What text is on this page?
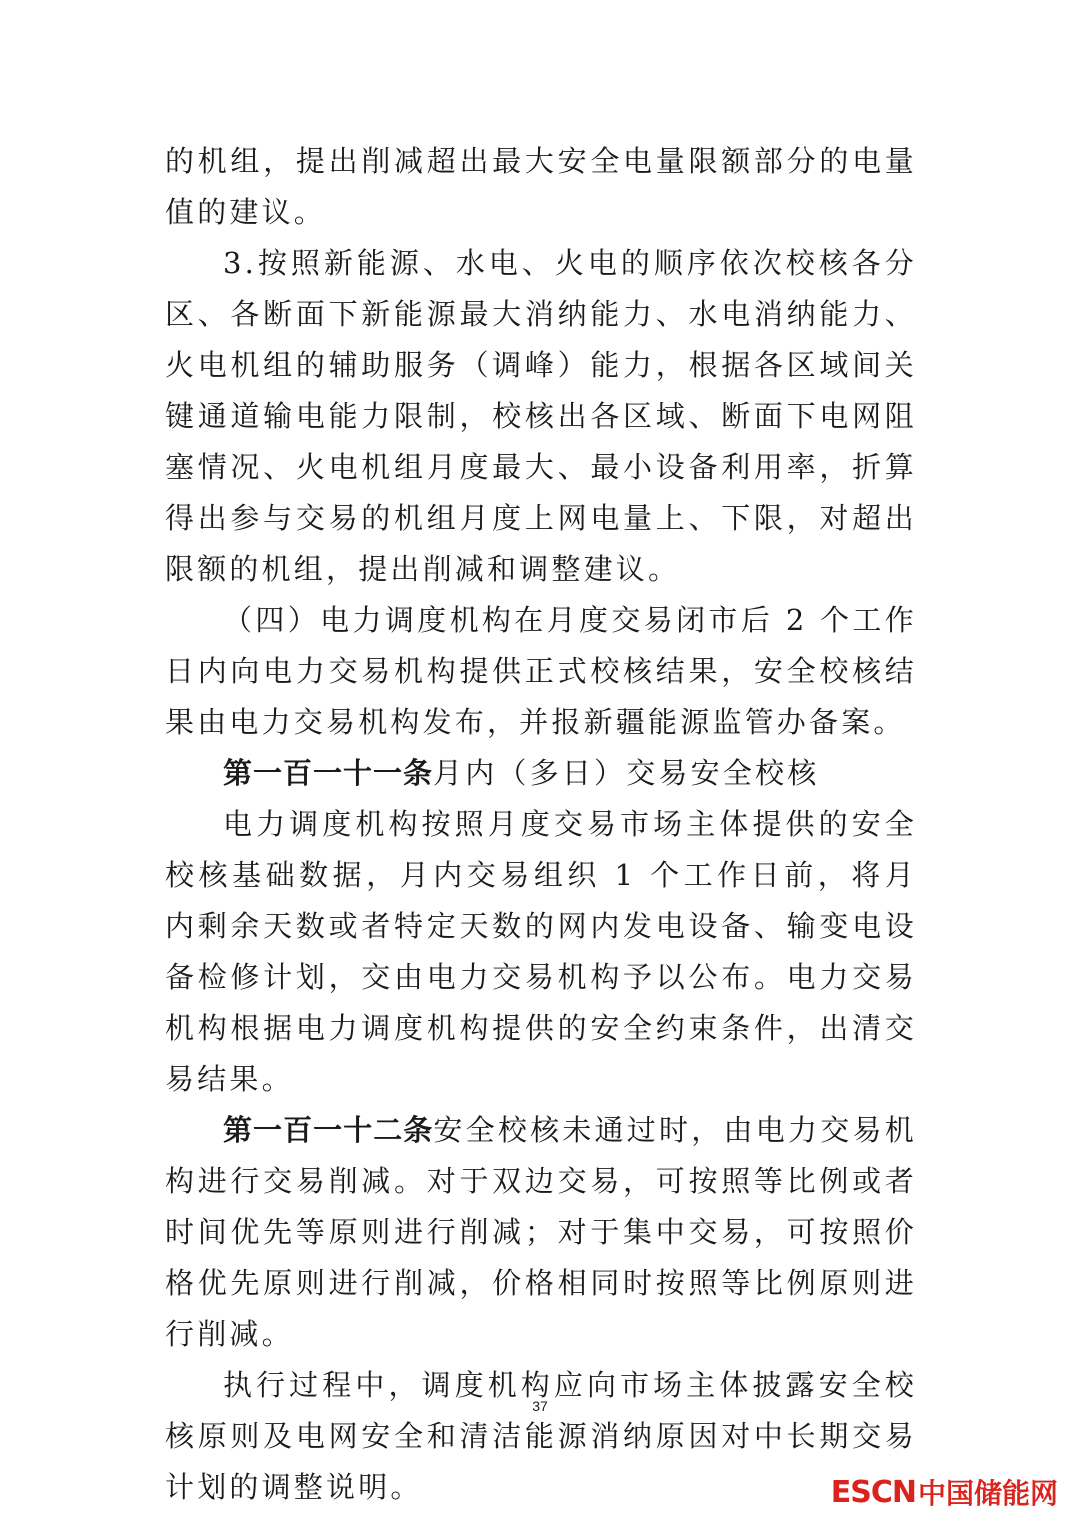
的机组，提出削减超出最大安全电量限额部分的电量值的建议。

3.按照新能源、水电、火电的顺序依次校核各分区、各断面下新能源最大消纳能力、水电消纳能力、火电机组的辅助服务（调峰）能力，根据各区域间关键通道输电能力限制，校核出各区域、断面下电网阻塞情况、火电机组月度最大、最小设备利用率，折算得出参与交易的机组月度上网电量上、下限，对超出限额的机组，提出削减和调整建议。

（四）电力调度机构在月度交易闭市后 2 个工作日内向电力交易机构提供正式校核结果，安全校核结果由电力交易机构发布，并报新疆能源监管办备案。

第一百一十一条月内（多日）交易安全校核

电力调度机构按照月度交易市场主体提供的安全校核基础数据，月内交易组织 1 个工作日前，将月内剩余天数或者特定天数的网内发电设备、输变电设备检修计划，交由电力交易机构予以公布。电力交易机构根据电力调度机构提供的安全约束条件，出清交易结果。

第一百一十二条安全校核未通过时，由电力交易机构进行交易削减。对于双边交易，可按照等比例或者时间优先等原则进行削减；对于集中交易，可按照价格优先原则进行削减，价格相同时按照等比例原则进行削减。

执行过程中，调度机构应向市场主体披露安全校核原则及电网安全和清洁能源消纳原因对中长期交易计划的调整说明。

37
ESCN 中国储能网
